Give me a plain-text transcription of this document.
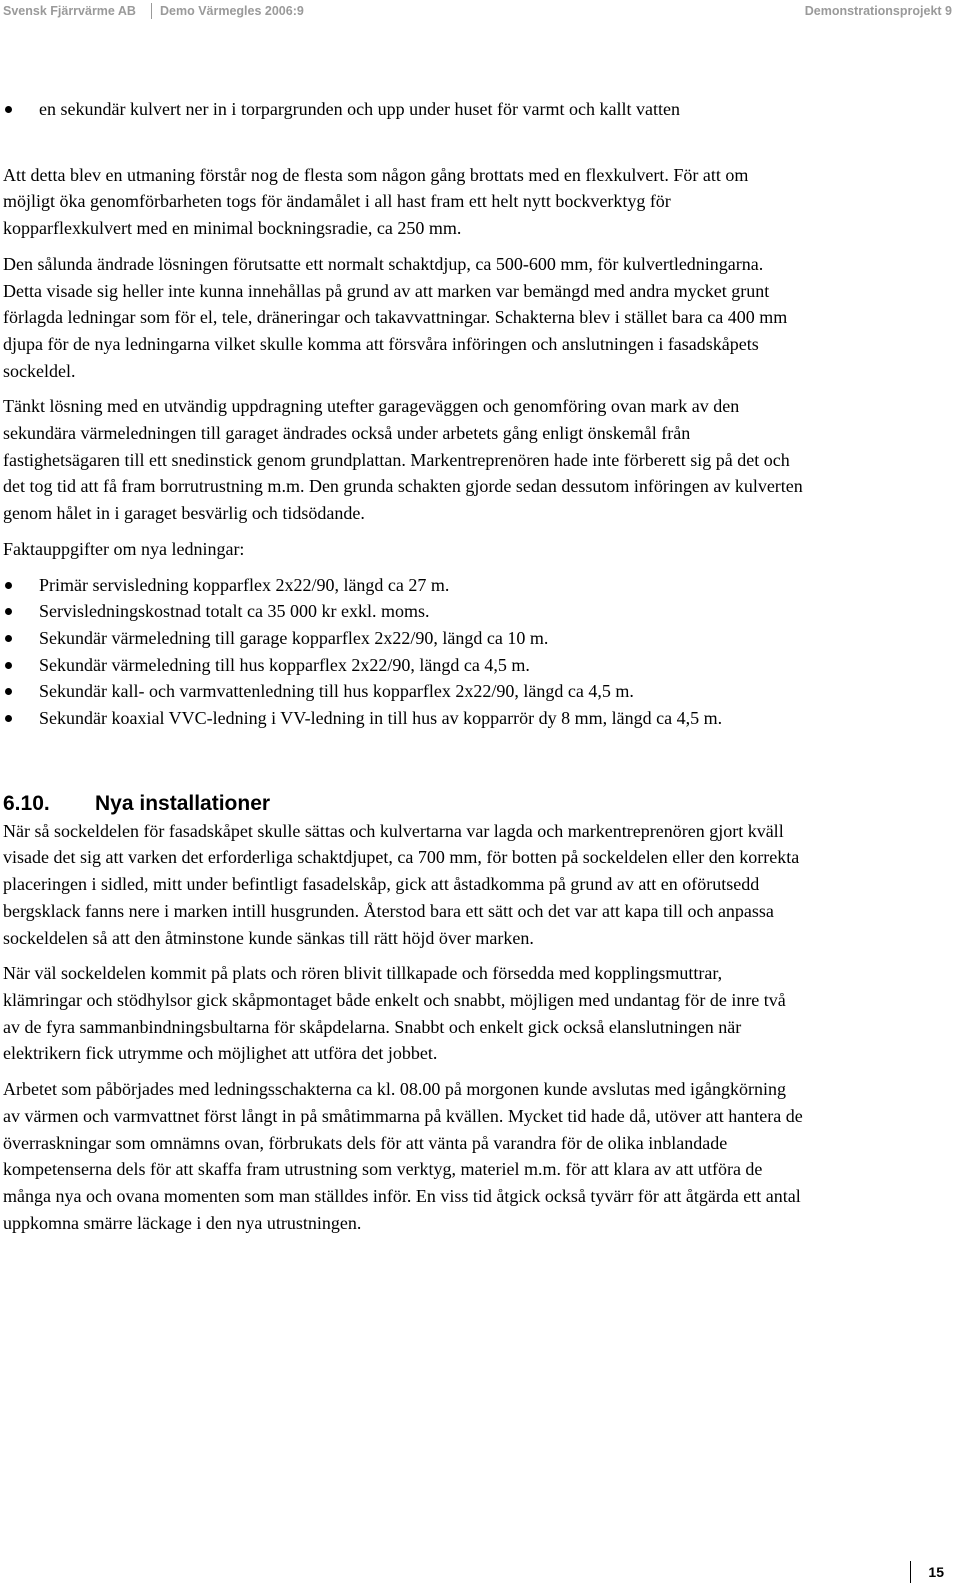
Svensk Fjärrvärme AB Demo Värmegles 2006:9	Demonstrationsprojekt 9

en sekundär kulvert ner in i torpargrunden och upp under huset för varmt och kallt vatten

Att detta blev en utmaning förstår nog de flesta som någon gång brottats med en flexkulvert. För att om möjligt öka genomförbarheten togs för ändamålet i all hast fram ett helt nytt bockverktyg för kopparflexkulvert med en minimal bockningsradie, ca 250 mm.

Den sålunda ändrade lösningen förutsatte ett normalt schaktdjup, ca 500-600 mm, för kulvertledningarna. Detta visade sig heller inte kunna innehållas på grund av att marken var bemängd med andra mycket grunt förlagda ledningar som för el, tele, dräneringar och takavvattningar. Schakterna blev i stället bara ca 400 mm djupa för de nya ledningarna vilket skulle komma att försvåra införingen och anslutningen i fasadskåpets sockeldel.

Tänkt lösning med en utvändig uppdragning utefter garageväggen och genomföring ovan mark av den sekundära värmeledningen till garaget ändrades också under arbetets gång enligt önskemål från fastighetsägaren till ett snedinstick genom grundplattan. Markentreprenören hade inte förberett sig på det och det tog tid att få fram borrutrustning m.m. Den grunda schakten gjorde sedan dessutom införingen av kulverten genom hålet in i garaget besvärlig och tidsödande.

Faktauppgifter om nya ledningar:

Primär servisledning kopparflex 2x22/90, längd ca 27 m.

Servisledningskostnad totalt ca 35 000 kr exkl. moms.

Sekundär värmeledning till garage kopparflex 2x22/90, längd ca 10 m.

Sekundär värmeledning till hus kopparflex 2x22/90, längd ca 4,5 m.

Sekundär kall- och varmvattenledning till hus kopparflex 2x22/90, längd ca 4,5 m.

Sekundär koaxial VVC-ledning i VV-ledning in till hus av kopparrör dy 8 mm, längd ca 4,5 m.

6.10. Nya installationer

När så sockeldelen för fasadskåpet skulle sättas och kulvertarna var lagda och markentreprenören gjort kväll visade det sig att varken det erforderliga schaktdjupet, ca 700 mm, för botten på sockeldelen eller den korrekta placeringen i sidled, mitt under befintligt fasadelskåp, gick att åstadkomma på grund av att en oförutsedd bergsklack fanns nere i marken intill husgrunden. Återstod bara ett sätt och det var att kapa till och anpassa sockeldelen så att den åtminstone kunde sänkas till rätt höjd över marken.

När väl sockeldelen kommit på plats och rören blivit tillkapade och försedda med kopplingsmuttrar, klämringar och stödhylsor gick skåpmontaget både enkelt och snabbt, möjligen med undantag för de inre två av de fyra sammanbindningsbultarna för skåpdelarna. Snabbt och enkelt gick också elanslutningen när elektrikern fick utrymme och möjlighet att utföra det jobbet.

Arbetet som påbörjades med ledningsschakterna ca kl. 08.00 på morgonen kunde avslutas med igångkörning av värmen och varmvattnet först långt in på småtimmarna på kvällen. Mycket tid hade då, utöver att hantera de överraskningar som omnämns ovan, förbrukats dels för att vänta på varandra för de olika inblandade kompetenserna dels för att skaffa fram utrustning som verktyg, materiel m.m. för att klara av att utföra de många nya och ovana momenten som man ställdes inför. En viss tid åtgick också tyvärr för att åtgärda ett antal uppkomna smärre läckage i den nya utrustningen.

15
